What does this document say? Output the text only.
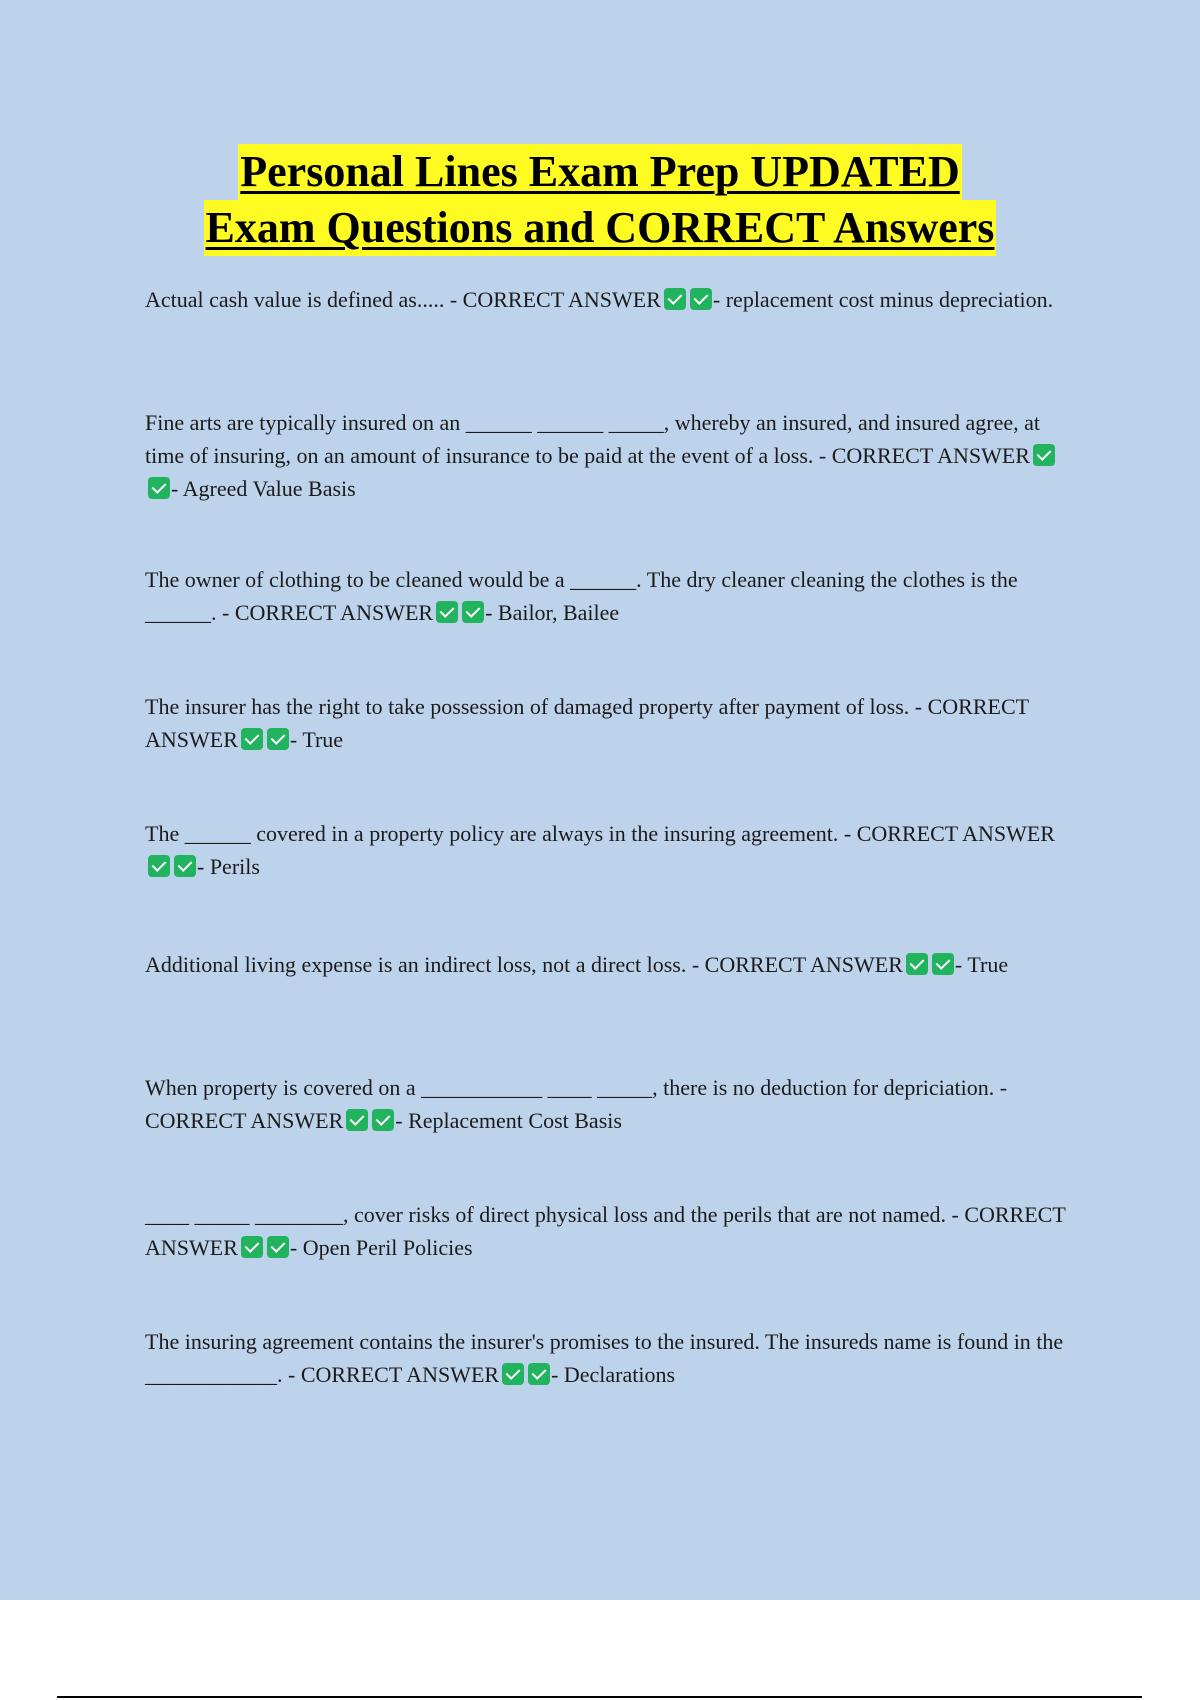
Personal Lines Exam Prep UPDATED
Exam Questions and CORRECT Answers
Actual cash value is defined as..... - CORRECT ANSWER - replacement cost minus depreciation.
Fine arts are typically insured on an ______ ______ _____, whereby an insured, and insured agree, at time of insuring, on an amount of insurance to be paid at the event of a loss. - CORRECT ANSWER- Agreed Value Basis
The owner of clothing to be cleaned would be a ______. The dry cleaner cleaning the clothes is the ______. - CORRECT ANSWER - Bailor, Bailee
The insurer has the right to take possession of damaged property after payment of loss. - CORRECT ANSWER - True
The ______ covered in a property policy are always in the insuring agreement. - CORRECT ANSWER- Perils
Additional living expense is an indirect loss, not a direct loss. - CORRECT ANSWER - True
When property is covered on a ___________ ____ _____, there is no deduction for depriciation. - CORRECT ANSWER - Replacement Cost Basis
____ _____ ________, cover risks of direct physical loss and the perils that are not named. - CORRECT ANSWER - Open Peril Policies
The insuring agreement contains the insurer's promises to the insured. The insureds name is found in the ____________. - CORRECT ANSWER - Declarations
